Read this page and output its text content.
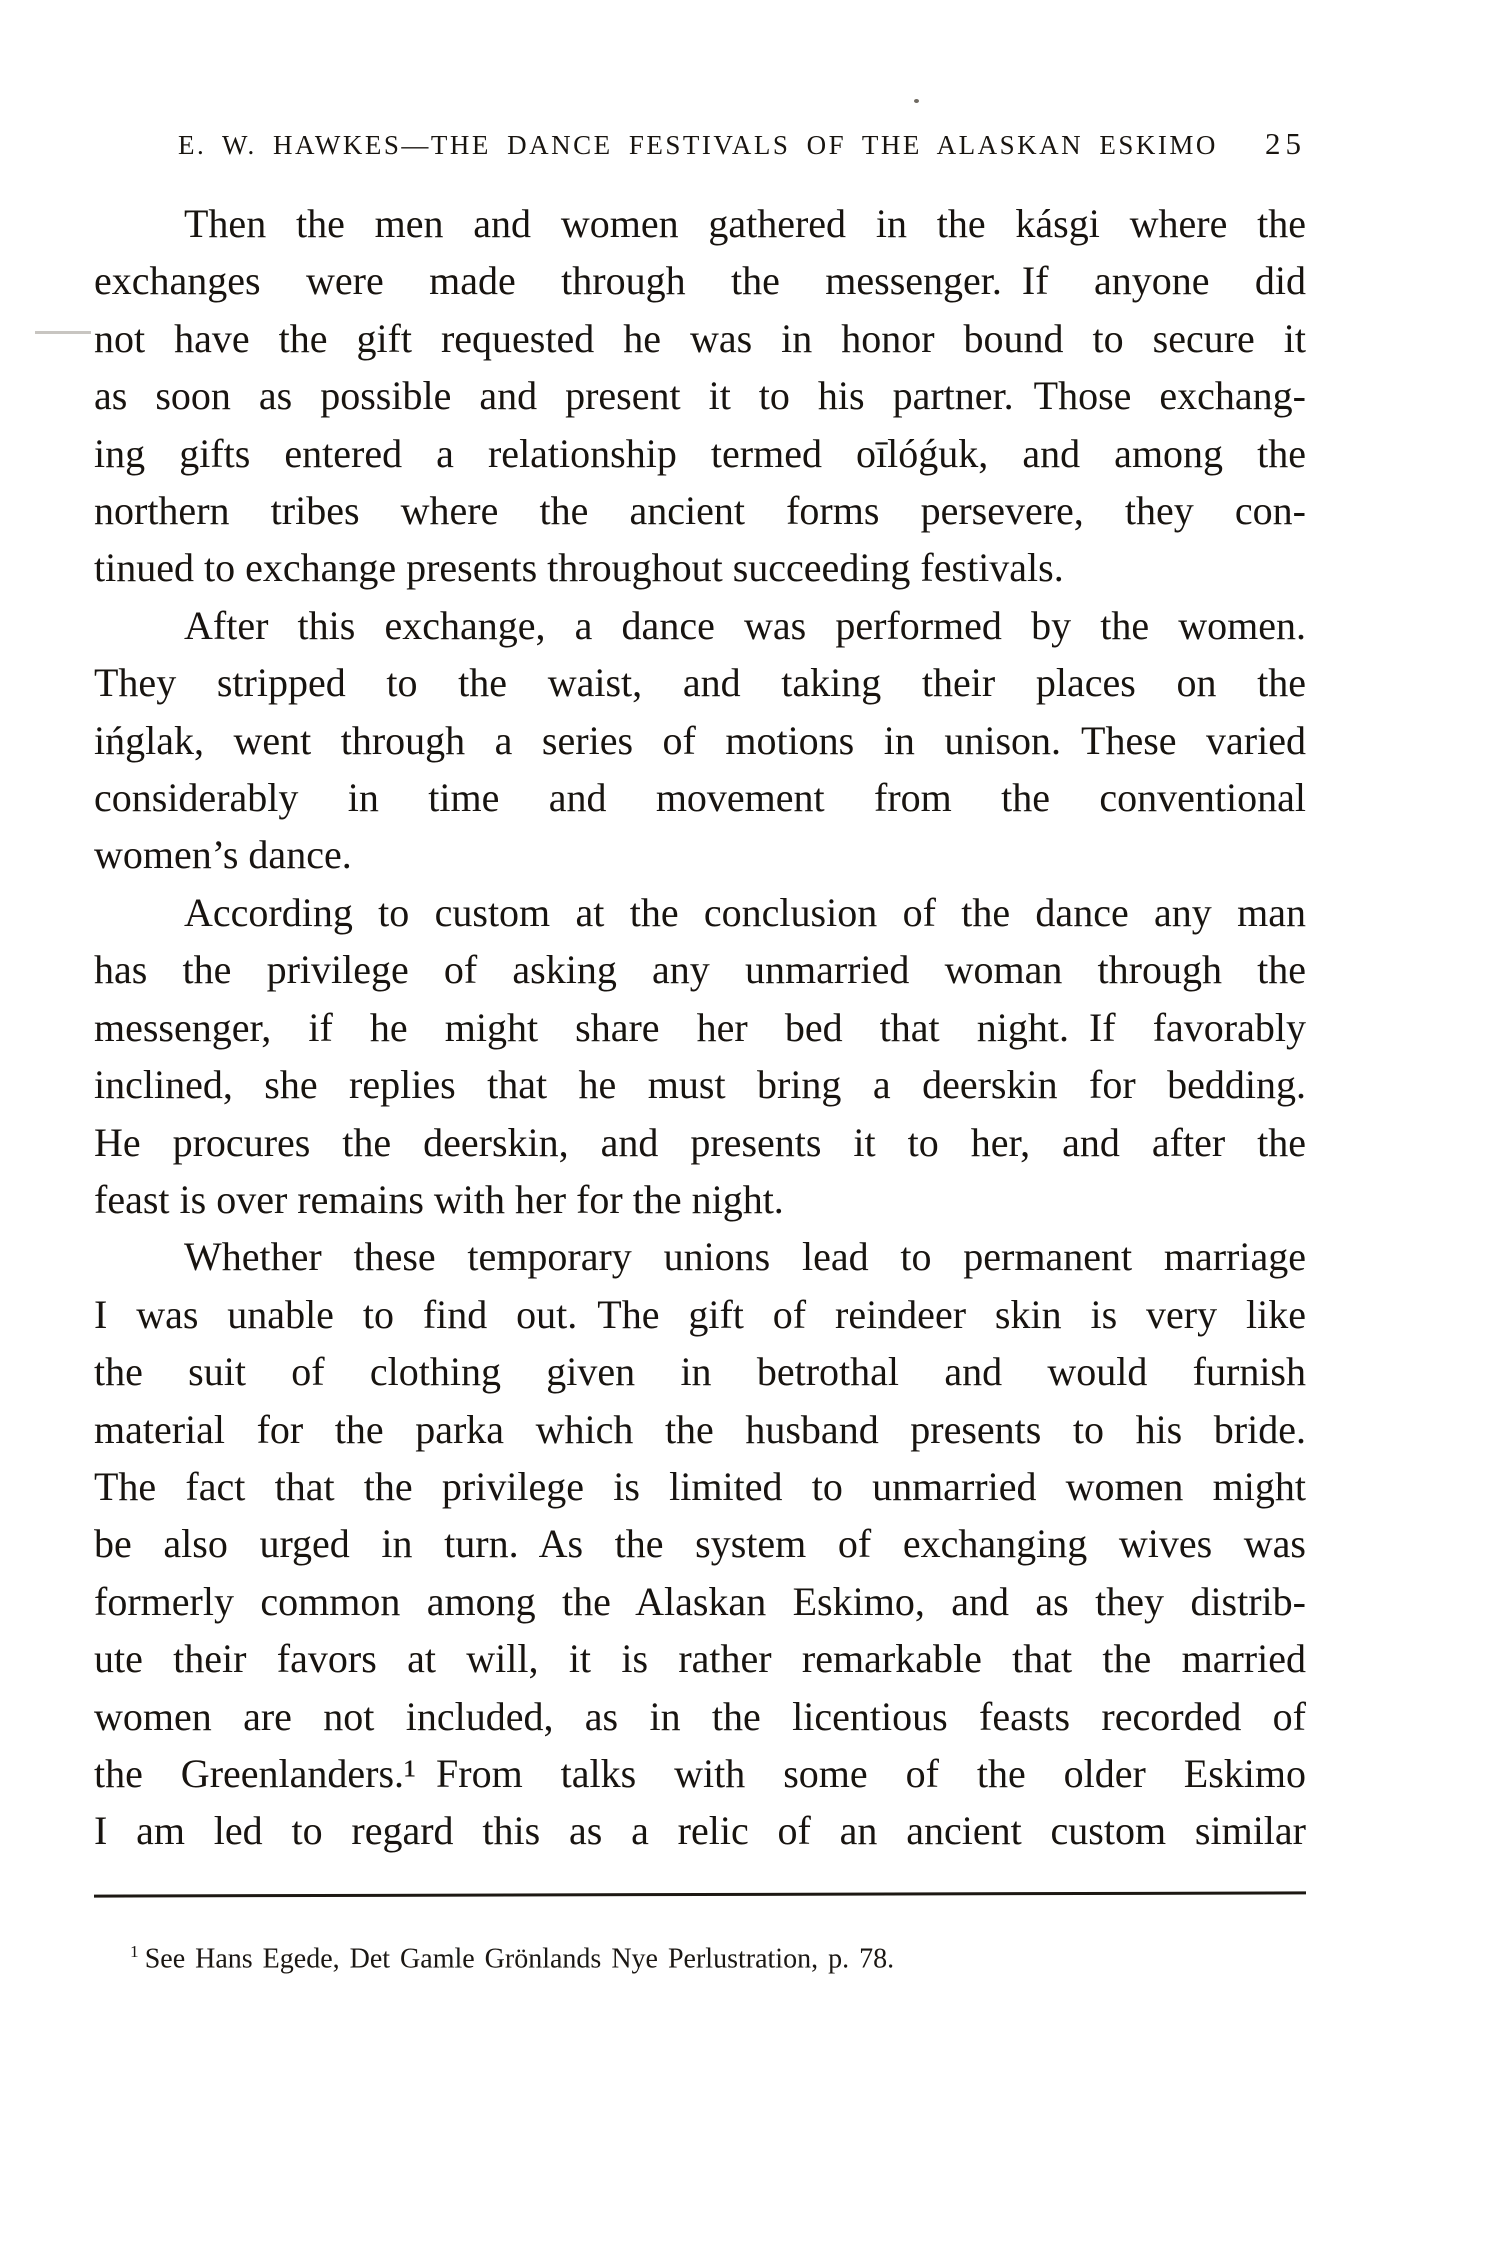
E. W. HAWKES—THE DANCE FESTIVALS OF THE ALASKAN ESKIMO 25
Then the men and women gathered in the kásgi where the
exchanges were made through the messenger. If anyone did
not have the gift requested he was in honor bound to secure it
as soon as possible and present it to his partner. Those exchang-
ing gifts entered a relationship termed oīlóǵuk, and among the
northern tribes where the ancient forms persevere, they con-
tinued to exchange presents throughout succeeding festivals.
After this exchange, a dance was performed by the women.
They stripped to the waist, and taking their places on the
ińglak, went through a series of motions in unison. These varied
considerably in time and movement from the conventional
women’s dance.
According to custom at the conclusion of the dance any man
has the privilege of asking any unmarried woman through the
messenger, if he might share her bed that night. If favorably
inclined, she replies that he must bring a deerskin for bedding.
He procures the deerskin, and presents it to her, and after the
feast is over remains with her for the night.
Whether these temporary unions lead to permanent marriage
I was unable to find out. The gift of reindeer skin is very like
the suit of clothing given in betrothal and would furnish
material for the parka which the husband presents to his bride.
The fact that the privilege is limited to unmarried women might
be also urged in turn. As the system of exchanging wives was
formerly common among the Alaskan Eskimo, and as they distrib-
ute their favors at will, it is rather remarkable that the married
women are not included, as in the licentious feasts recorded of
the Greenlanders.¹ From talks with some of the older Eskimo
I am led to regard this as a relic of an ancient custom similar
$^1$ See Hans Egede, Det Gamle Grönlands Nye Perlustration, p. 78.
